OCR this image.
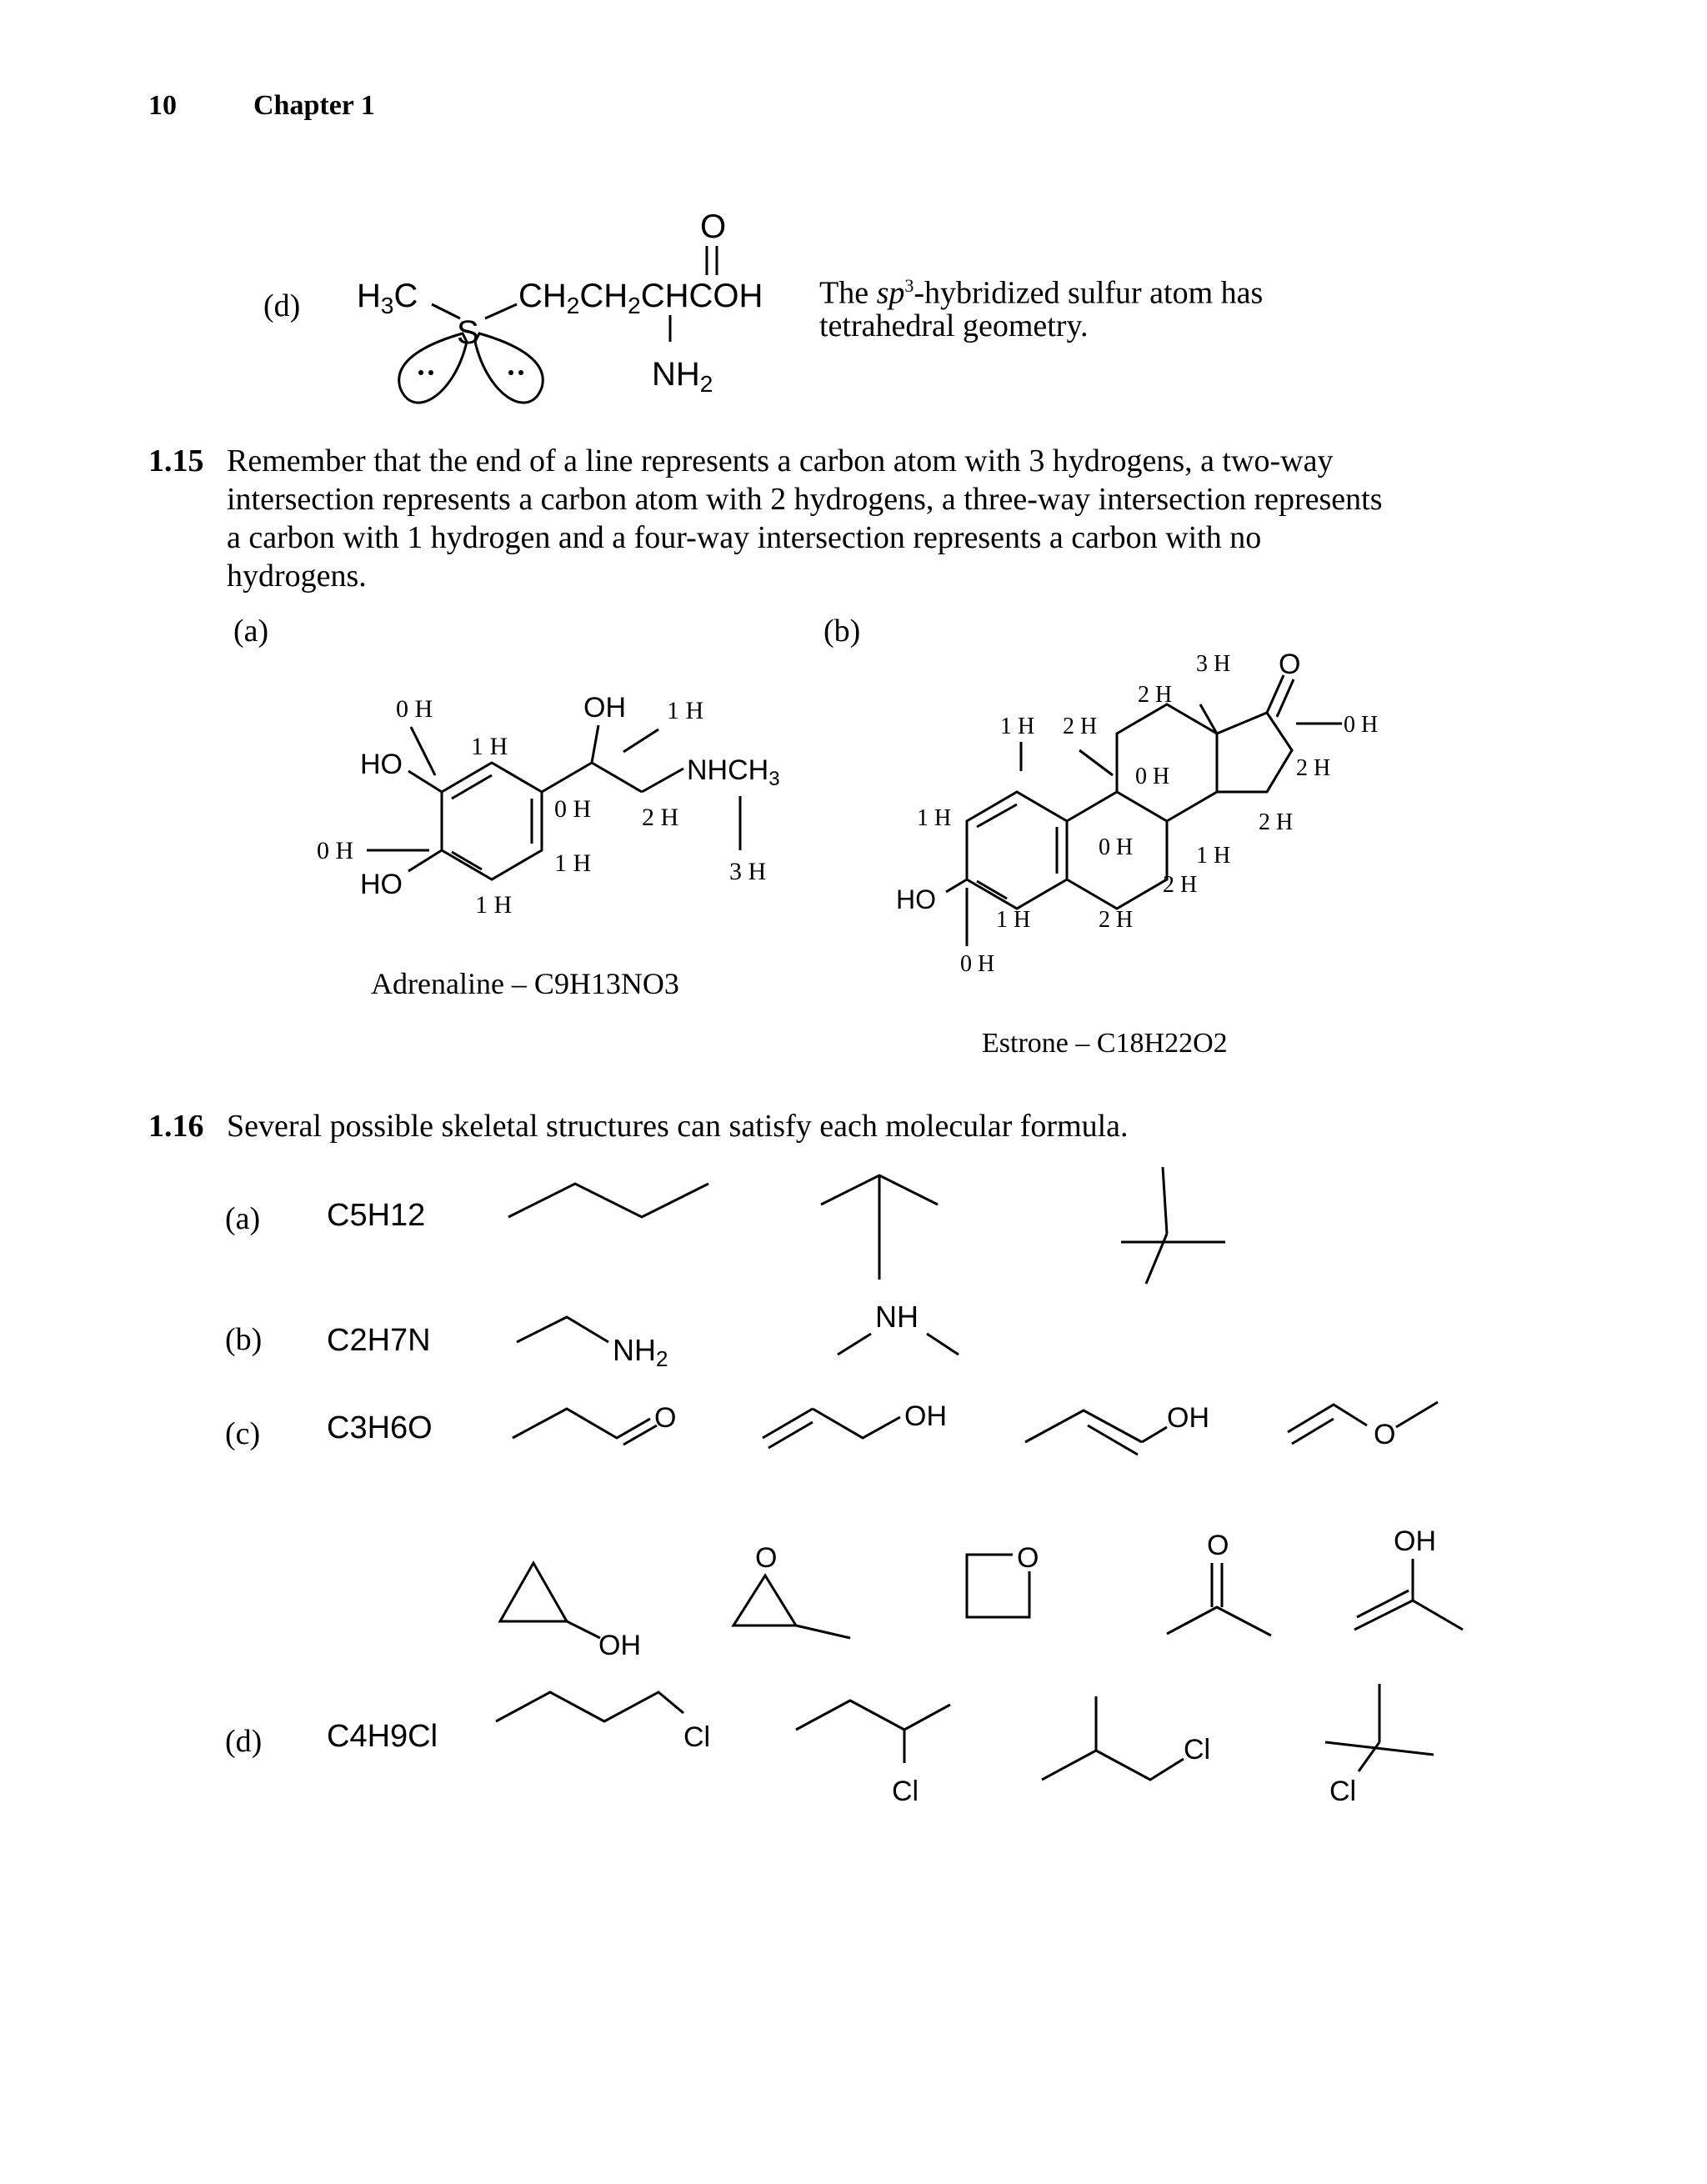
10	Chapter 1
(d)	The $sp^3$-hybridized sulfur atom has
tetrahedral geometry.
1.15 Remember that the end of a line represents a carbon atom with 3 hydrogens, a two-way
intersection represents a carbon atom with 2 hydrogens, a three-way intersection represents
a carbon with 1 hydrogen and a four-way intersection represents a carbon with no
hydrogens.
(a)	(b)
1.16 Several possible skeletal structures can satisfy each molecular formula.
(a)
(b)
(c)
(d)
$H_3C$
S
$CH_2CH_2CHCOH$
O
$NH_2$
OH
$NHCH_3$
HO
HO
0 H
1 H
0 H 2 H
1 H
1 H
1 H
0 H
3 H
Adrenaline – C9H13NO3
O
HO
3 H
2 H
1 H 2 H
0 H
0 H
2 H
2 H
1 H
0 H	1 H
2 H
1 H	2 H
0 H
Estrone – C18H22O2
C5H12
C2H7N	NH2
NH
C3H6O	O	OH	OH
O
OH
O	O	O	OH
C4H9Cl	Cl
Cl
Cl
Cl
